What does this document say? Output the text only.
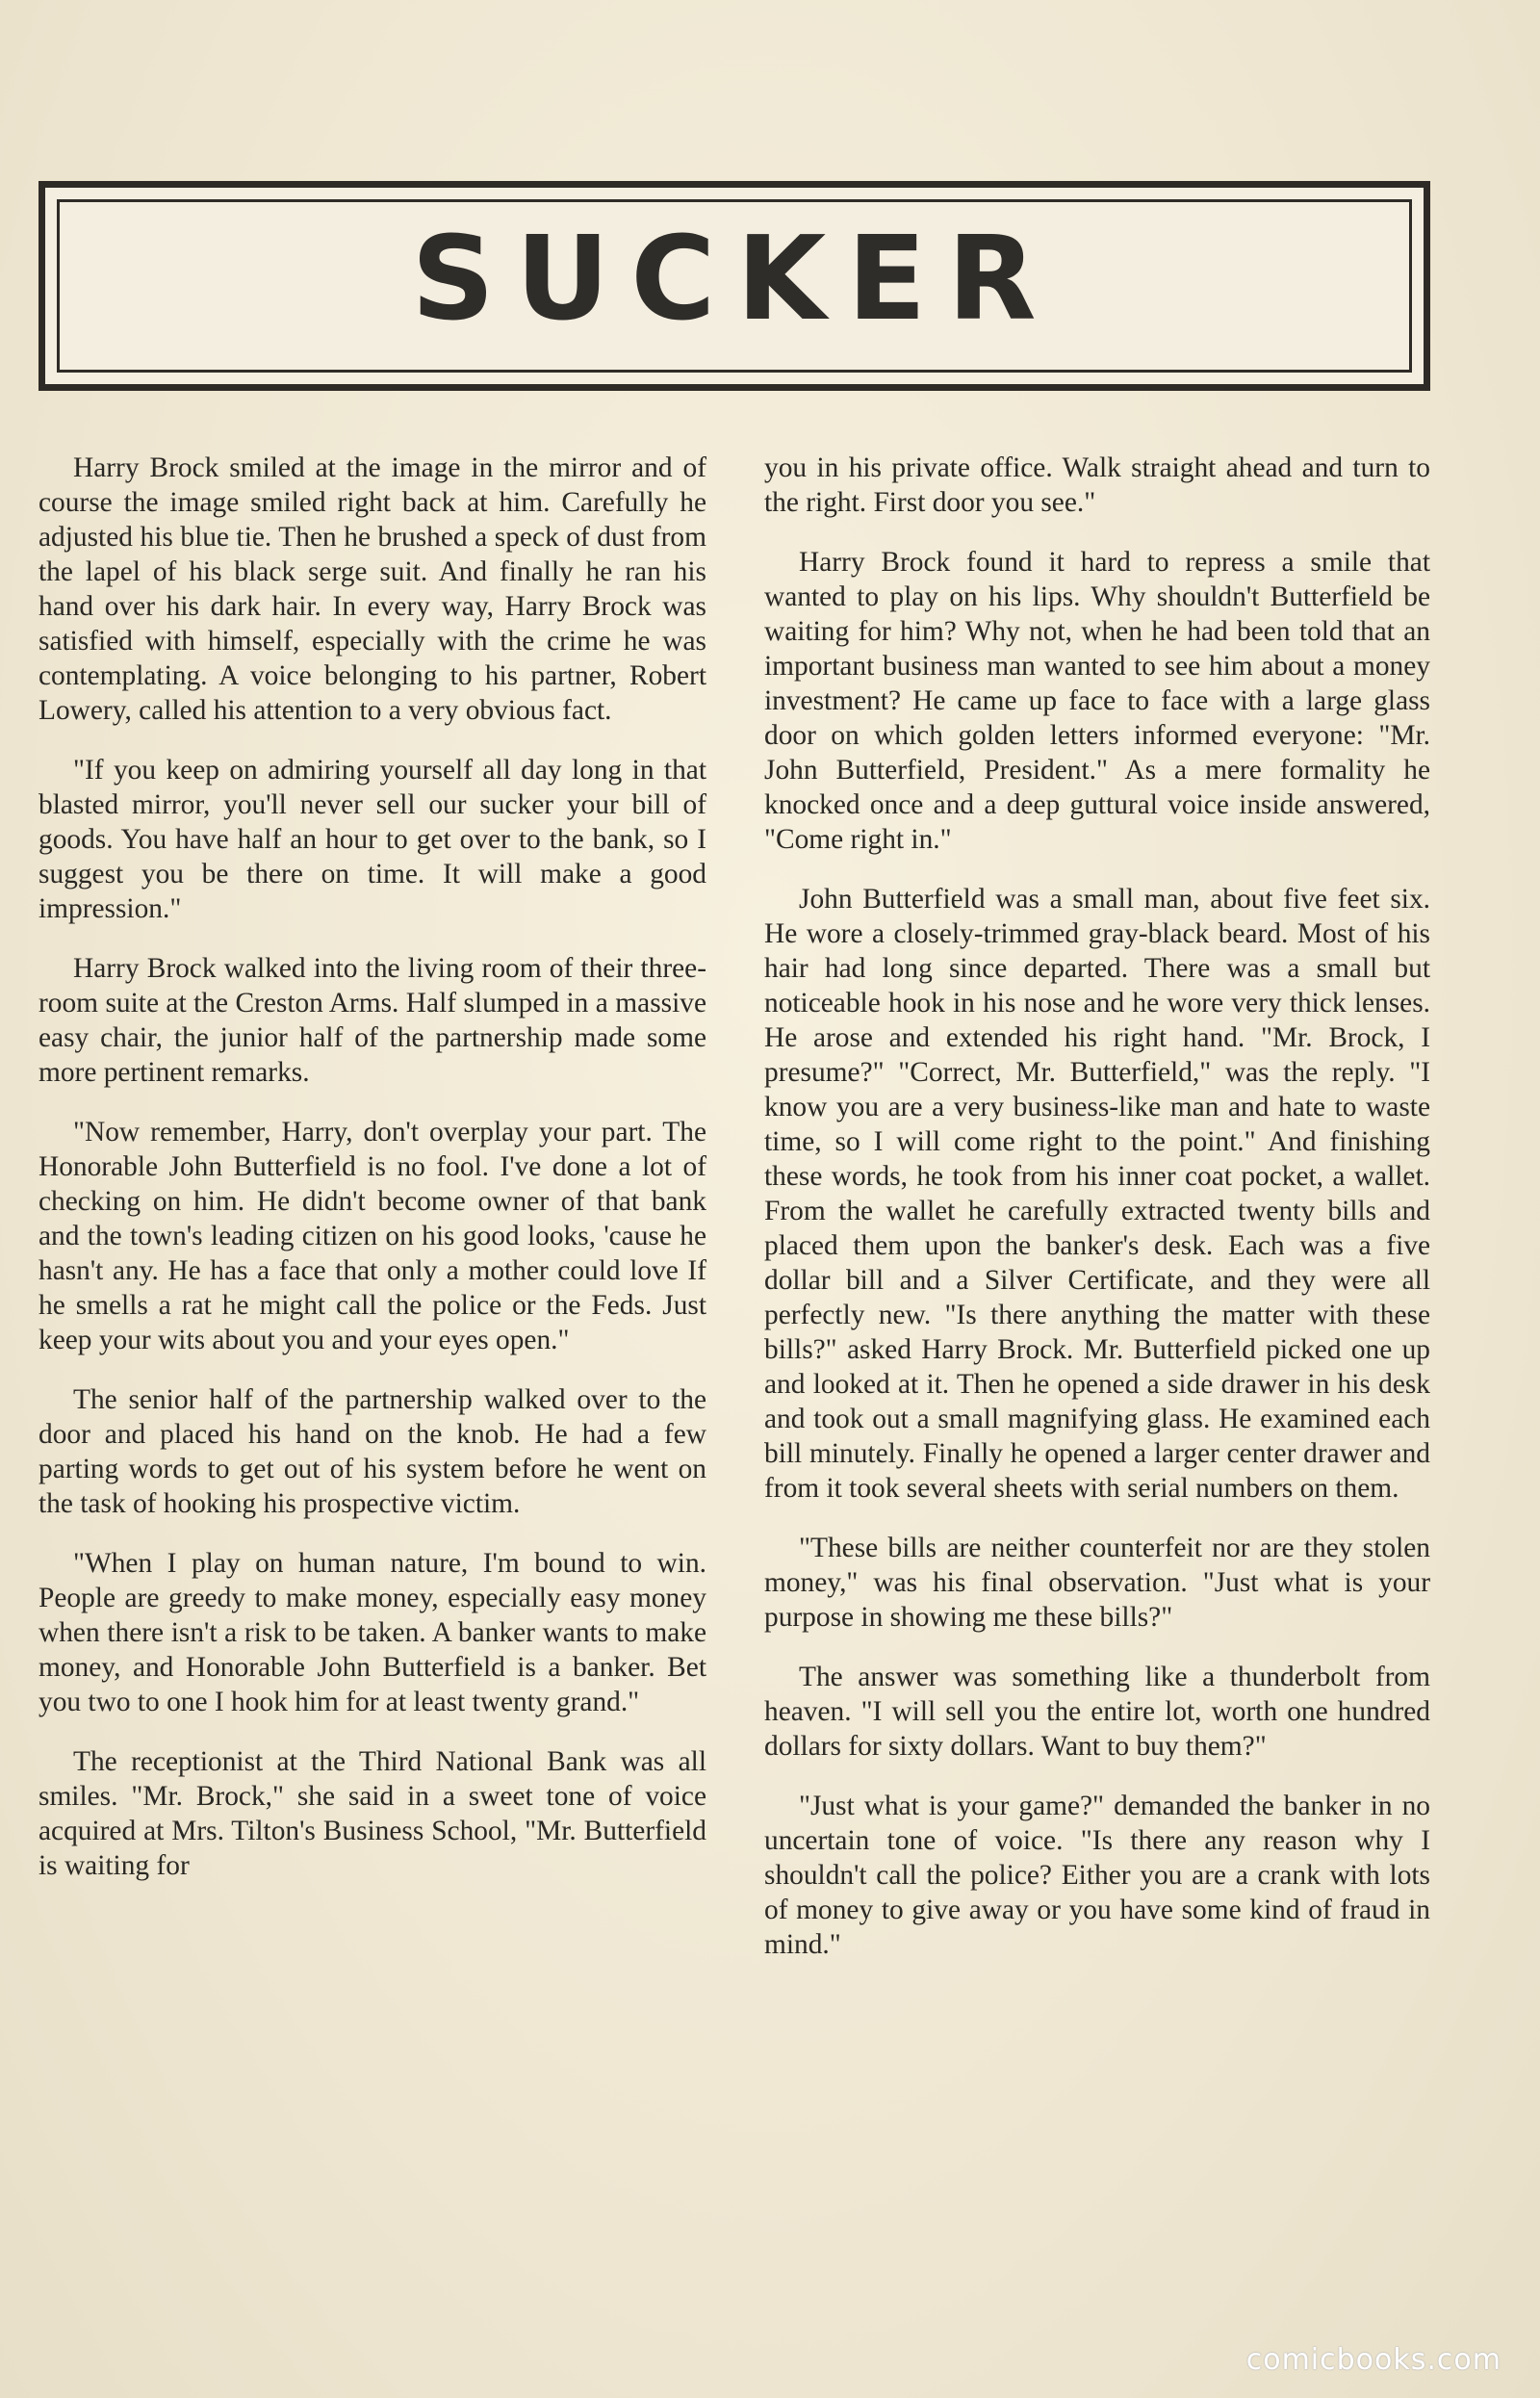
SUCKER

Harry Brock smiled at the image in the mirror and of course the image smiled right back at him. Carefully he adjusted his blue tie. Then he brushed a speck of dust from the lapel of his black serge suit. And finally he ran his hand over his dark hair. In every way, Harry Brock was satisfied with himself, especially with the crime he was contemplating. A voice belonging to his partner, Robert Lowery, called his attention to a very obvious fact.

"If you keep on admiring yourself all day long in that blasted mirror, you'll never sell our sucker your bill of goods. You have half an hour to get over to the bank, so I suggest you be there on time. It will make a good impression."

Harry Brock walked into the living room of their three-room suite at the Creston Arms. Half slumped in a massive easy chair, the junior half of the partnership made some more pertinent remarks.

"Now remember, Harry, don't overplay your part. The Honorable John Butterfield is no fool. I've done a lot of checking on him. He didn't become owner of that bank and the town's leading citizen on his good looks, 'cause he hasn't any. He has a face that only a mother could love If he smells a rat he might call the police or the Feds. Just keep your wits about you and your eyes open."

The senior half of the partnership walked over to the door and placed his hand on the knob. He had a few parting words to get out of his system before he went on the task of hooking his prospective victim.

"When I play on human nature, I'm bound to win. People are greedy to make money, especially easy money when there isn't a risk to be taken. A banker wants to make money, and Honorable John Butterfield is a banker. Bet you two to one I hook him for at least twenty grand."

The receptionist at the Third National Bank was all smiles. "Mr. Brock," she said in a sweet tone of voice acquired at Mrs. Tilton's Business School, "Mr. Butterfield is waiting for

you in his private office. Walk straight ahead and turn to the right. First door you see."

Harry Brock found it hard to repress a smile that wanted to play on his lips. Why shouldn't Butterfield be waiting for him? Why not, when he had been told that an important business man wanted to see him about a money investment? He came up face to face with a large glass door on which golden letters informed everyone: "Mr. John Butterfield, President." As a mere formality he knocked once and a deep guttural voice inside answered, "Come right in."

John Butterfield was a small man, about five feet six. He wore a closely-trimmed gray-black beard. Most of his hair had long since departed. There was a small but noticeable hook in his nose and he wore very thick lenses. He arose and extended his right hand. "Mr. Brock, I presume?" "Correct, Mr. Butterfield," was the reply. "I know you are a very business-like man and hate to waste time, so I will come right to the point." And finishing these words, he took from his inner coat pocket, a wallet. From the wallet he carefully extracted twenty bills and placed them upon the banker's desk. Each was a five dollar bill and a Silver Certificate, and they were all perfectly new. "Is there anything the matter with these bills?" asked Harry Brock. Mr. Butterfield picked one up and looked at it. Then he opened a side drawer in his desk and took out a small magnifying glass. He examined each bill minutely. Finally he opened a larger center drawer and from it took several sheets with serial numbers on them.

"These bills are neither counterfeit nor are they stolen money," was his final observation. "Just what is your purpose in showing me these bills?"

The answer was something like a thunderbolt from heaven. "I will sell you the entire lot, worth one hundred dollars for sixty dollars. Want to buy them?"

"Just what is your game?" demanded the banker in no uncertain tone of voice. "Is there any reason why I shouldn't call the police? Either you are a crank with lots of money to give away or you have some kind of fraud in mind."

comicbooks.com
